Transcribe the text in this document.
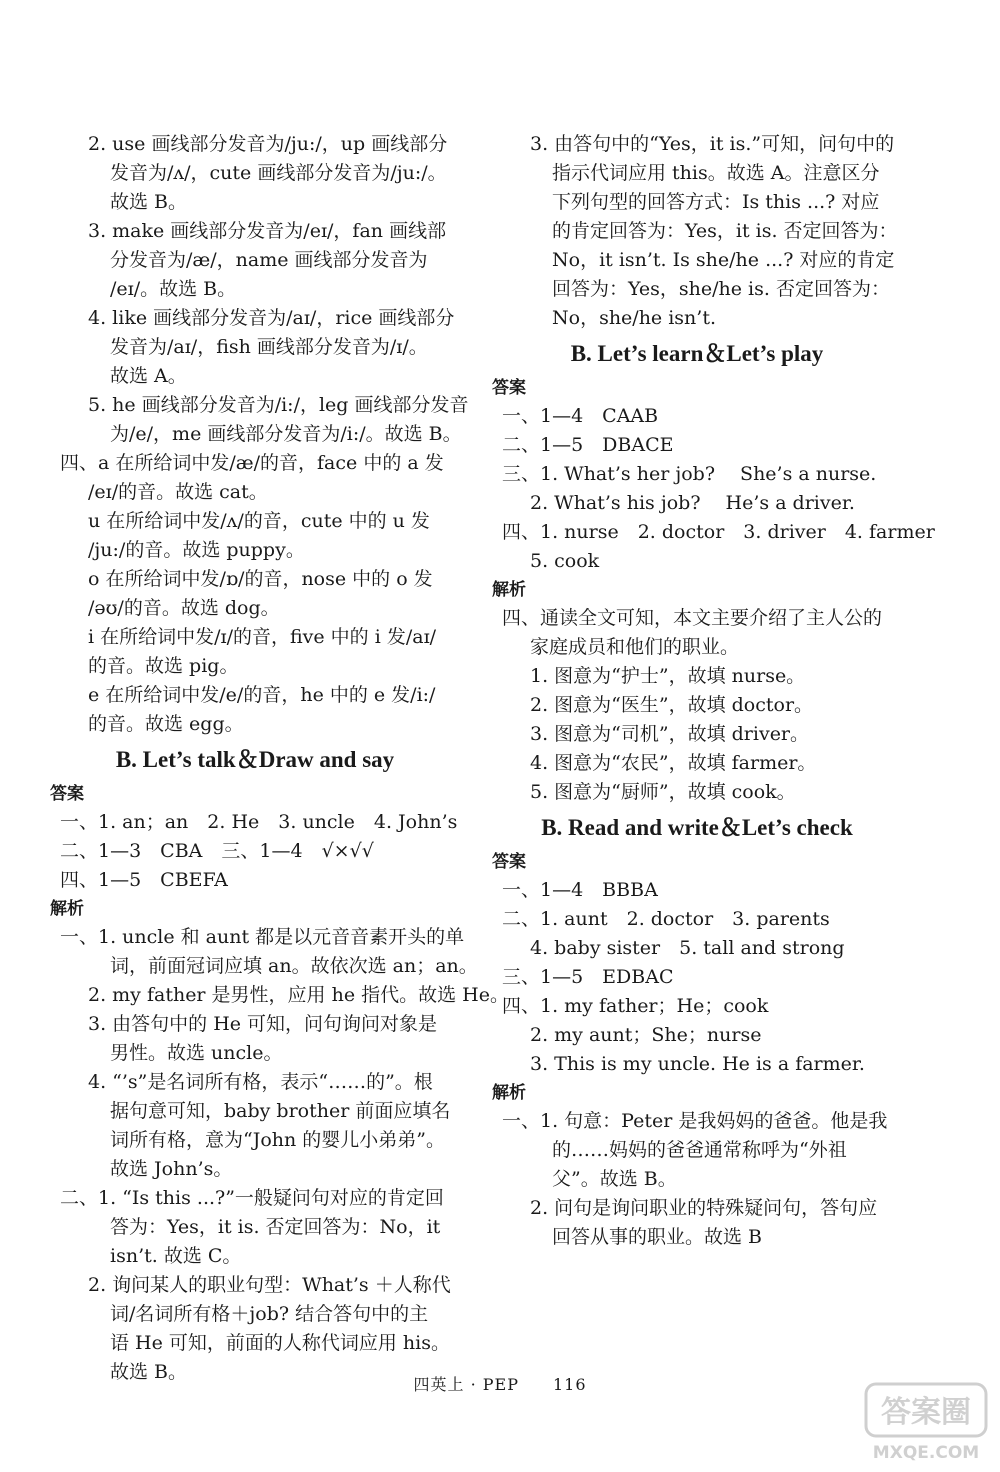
2. use 画线部分发音为/ju:/，up 画线部分
发音为/ʌ/，cute 画线部分发音为/ju:/。
故选 B。
3. make 画线部分发音为/eɪ/，fan 画线部
分发音为/æ/，name 画线部分发音为
/eɪ/。故选 B。
4. like 画线部分发音为/aɪ/，rice 画线部分
发音为/aɪ/，fish 画线部分发音为/ɪ/。
故选 A。
5. he 画线部分发音为/i:/，leg 画线部分发音
为/e/，me 画线部分发音为/i:/。故选 B。
四、a 在所给词中发/æ/的音，face 中的 a 发
/eɪ/的音。故选 cat。
u 在所给词中发/ʌ/的音，cute 中的 u 发
/ju:/的音。故选 puppy。
o 在所给词中发/ɒ/的音，nose 中的 o 发
/əʊ/的音。故选 dog。
i 在所给词中发/ɪ/的音，five 中的 i 发/aɪ/
的音。故选 pig。
e 在所给词中发/e/的音，he 中的 e 发/i:/
的音。故选 egg。
B. Let’s talk＆Draw and say
答案
一、1. an；an　2. He　3. uncle　4. John’s
二、1—3　CBA　三、1—4　√×√√
四、1—5　CBEFA
解析
一、1. uncle 和 aunt 都是以元音音素开头的单
词，前面冠词应填 an。故依次选 an；an。
2. my father 是男性，应用 he 指代。故选 He。
3. 由答句中的 He 可知，问句询问对象是
男性。故选 uncle。
4. “’s”是名词所有格，表示“……的”。根
据句意可知，baby brother 前面应填名
词所有格，意为“John 的婴儿小弟弟”。
故选 John’s。
二、1. “Is this ...?”一般疑问句对应的肯定回
答为：Yes，it is. 否定回答为：No，it
isn’t. 故选 C。
2. 询问某人的职业句型：What’s ＋人称代
词/名词所有格＋job? 结合答句中的主
语 He 可知，前面的人称代词应用 his。
故选 B。
3. 由答句中的“Yes，it is.”可知，问句中的
指示代词应用 this。故选 A。注意区分
下列句型的回答方式：Is this ...? 对应
的肯定回答为：Yes，it is. 否定回答为：
No，it isn’t. Is she/he ...? 对应的肯定
回答为：Yes，she/he is. 否定回答为：
No，she/he isn’t.
B. Let’s learn＆Let’s play
答案
一、1—4　CAAB
二、1—5　DBACE
三、1. What’s her job?　 She’s a nurse.
2. What’s his job?　 He’s a driver.
四、1. nurse　2. doctor　3. driver　4. farmer
5. cook
解析
四、通读全文可知，本文主要介绍了主人公的
家庭成员和他们的职业。
1. 图意为“护士”，故填 nurse。
2. 图意为“医生”，故填 doctor。
3. 图意为“司机”，故填 driver。
4. 图意为“农民”，故填 farmer。
5. 图意为“厨师”，故填 cook。
B. Read and write＆Let’s check
答案
一、1—4　BBBA
二、1. aunt　2. doctor　3. parents
4. baby sister　5. tall and strong
三、1—5　EDBAC
四、1. my father；He；cook
2. my aunt；She；nurse
3. This is my uncle. He is a farmer.
解析
一、1. 句意：Peter 是我妈妈的爸爸。他是我
的……妈妈的爸爸通常称呼为“外祖
父”。故选 B。
2. 问句是询问职业的特殊疑问句，答句应
回答从事的职业。故选 B
四英上 · PEP　　116
答案圈
MXQE.COM
